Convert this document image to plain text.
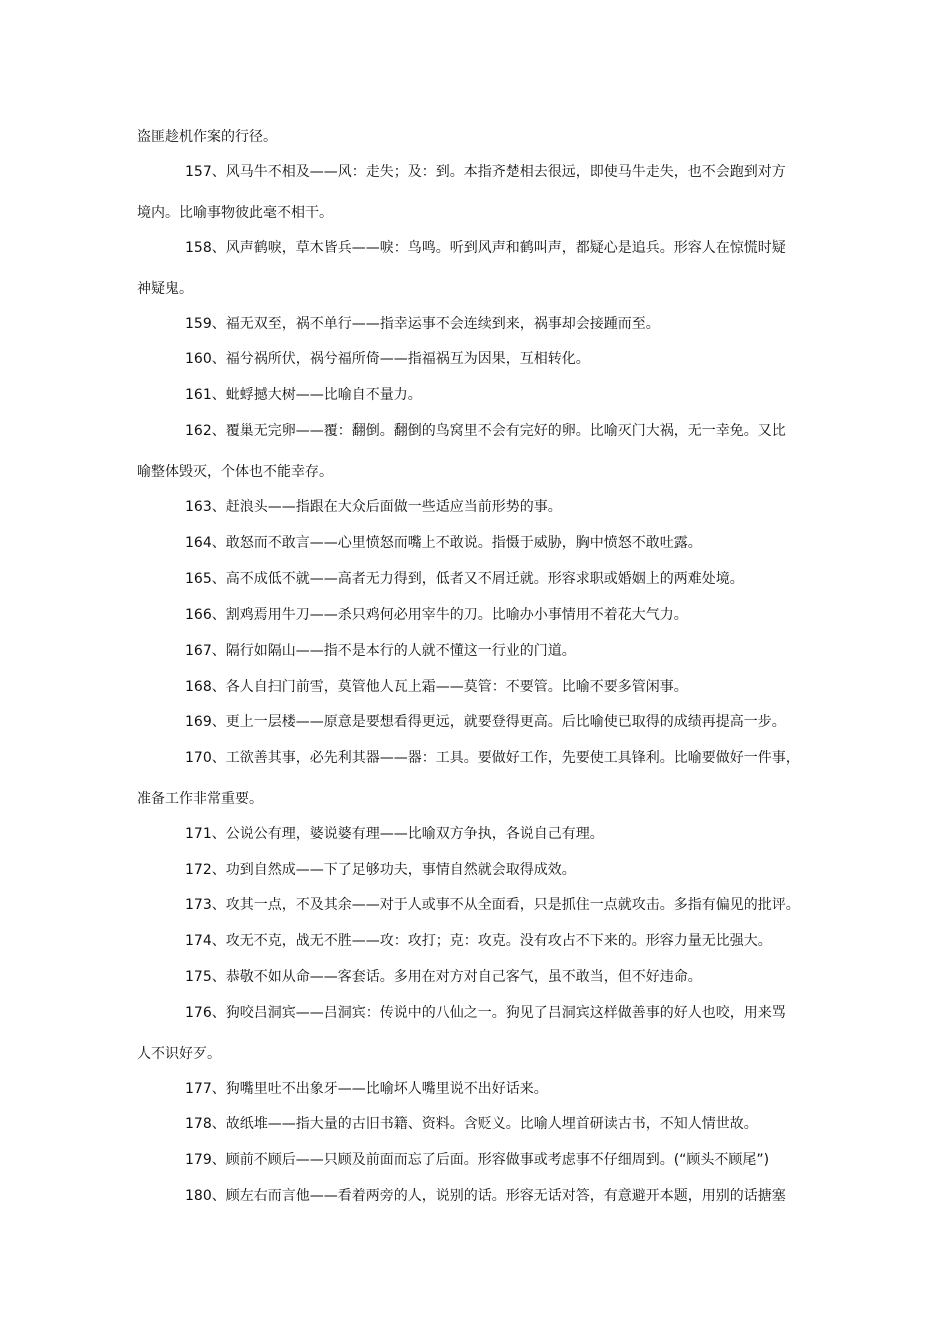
盗匪趁机作案的行径。
157、风马牛不相及——风：走失；及：到。本指齐楚相去很远，即使马牛走失，也不会跑到对方
境内。比喻事物彼此毫不相干。
158、风声鹤唳，草木皆兵——唳：鸟鸣。听到风声和鹤叫声，都疑心是追兵。形容人在惊慌时疑
神疑鬼。
159、福无双至，祸不单行——指幸运事不会连续到来，祸事却会接踵而至。
160、福兮祸所伏，祸兮福所倚——指福祸互为因果，互相转化。
161、蚍蜉撼大树——比喻自不量力。
162、覆巢无完卵——覆：翻倒。翻倒的鸟窝里不会有完好的卵。比喻灭门大祸，无一幸免。又比
喻整体毁灭，个体也不能幸存。
163、赶浪头——指跟在大众后面做一些适应当前形势的事。
164、敢怒而不敢言——心里愤怒而嘴上不敢说。指慑于威胁，胸中愤怒不敢吐露。
165、高不成低不就——高者无力得到，低者又不屑迁就。形容求职或婚姻上的两难处境。
166、割鸡焉用牛刀——杀只鸡何必用宰牛的刀。比喻办小事情用不着花大气力。
167、隔行如隔山——指不是本行的人就不懂这一行业的门道。
168、各人自扫门前雪，莫管他人瓦上霜——莫管：不要管。比喻不要多管闲事。
169、更上一层楼——原意是要想看得更远，就要登得更高。后比喻使已取得的成绩再提高一步。
170、工欲善其事，必先利其器——器：工具。要做好工作，先要使工具锋利。比喻要做好一件事，
准备工作非常重要。
171、公说公有理，婆说婆有理——比喻双方争执，各说自己有理。
172、功到自然成——下了足够功夫，事情自然就会取得成效。
173、攻其一点，不及其余——对于人或事不从全面看，只是抓住一点就攻击。多指有偏见的批评。
174、攻无不克，战无不胜——攻：攻打；克：攻克。没有攻占不下来的。形容力量无比强大。
175、恭敬不如从命——客套话。多用在对方对自己客气，虽不敢当，但不好违命。
176、狗咬吕洞宾——吕洞宾：传说中的八仙之一。狗见了吕洞宾这样做善事的好人也咬，用来骂
人不识好歹。
177、狗嘴里吐不出象牙——比喻坏人嘴里说不出好话来。
178、故纸堆——指大量的古旧书籍、资料。含贬义。比喻人埋首研读古书，不知人情世故。
179、顾前不顾后——只顾及前面而忘了后面。形容做事或考虑事不仔细周到。(“顾头不顾尾”)
180、顾左右而言他——看着两旁的人，说别的话。形容无话对答，有意避开本题，用别的话搪塞
